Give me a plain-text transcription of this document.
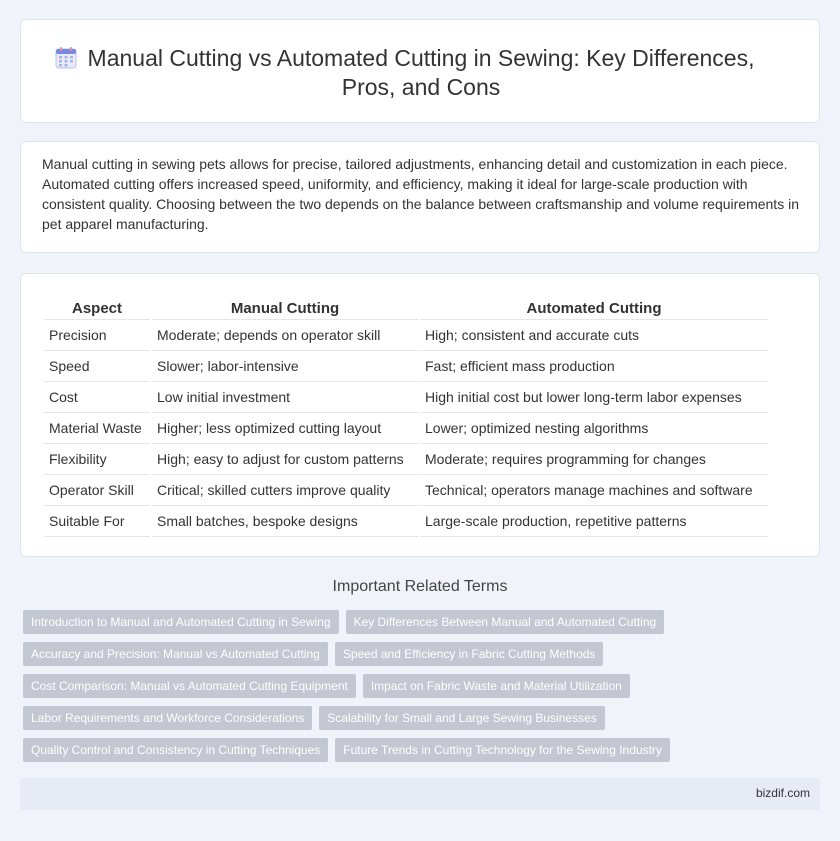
Manual Cutting vs Automated Cutting in Sewing: Key Differences,
Pros, and Cons

Manual cutting in sewing pets allows for precise, tailored adjustments, enhancing detail and customization in each piece. Automated cutting offers increased speed, uniformity, and efficiency, making it ideal for large-scale production with consistent quality. Choosing between the two depends on the balance between craftsmanship and volume requirements in pet apparel manufacturing.

Aspect	Manual Cutting	Automated Cutting
Precision	Moderate; depends on operator skill	High; consistent and accurate cuts
Speed	Slower; labor-intensive	Fast; efficient mass production
Cost	Low initial investment	High initial cost but lower long-term labor expenses
Material Waste	Higher; less optimized cutting layout	Lower; optimized nesting algorithms
Flexibility	High; easy to adjust for custom patterns	Moderate; requires programming for changes
Operator Skill	Critical; skilled cutters improve quality	Technical; operators manage machines and software
Suitable For	Small batches, bespoke designs	Large-scale production, repetitive patterns
Important Related Terms
Introduction to Manual and Automated Cutting in Sewing	Key Differences Between Manual and Automated Cutting
Accuracy and Precision: Manual vs Automated Cutting	Speed and Efficiency in Fabric Cutting Methods
Cost Comparison: Manual vs Automated Cutting Equipment	Impact on Fabric Waste and Material Utilization
Labor Requirements and Workforce Considerations	Scalability for Small and Large Sewing Businesses
Quality Control and Consistency in Cutting Techniques	Future Trends in Cutting Technology for the Sewing Industry
bizdif.com
